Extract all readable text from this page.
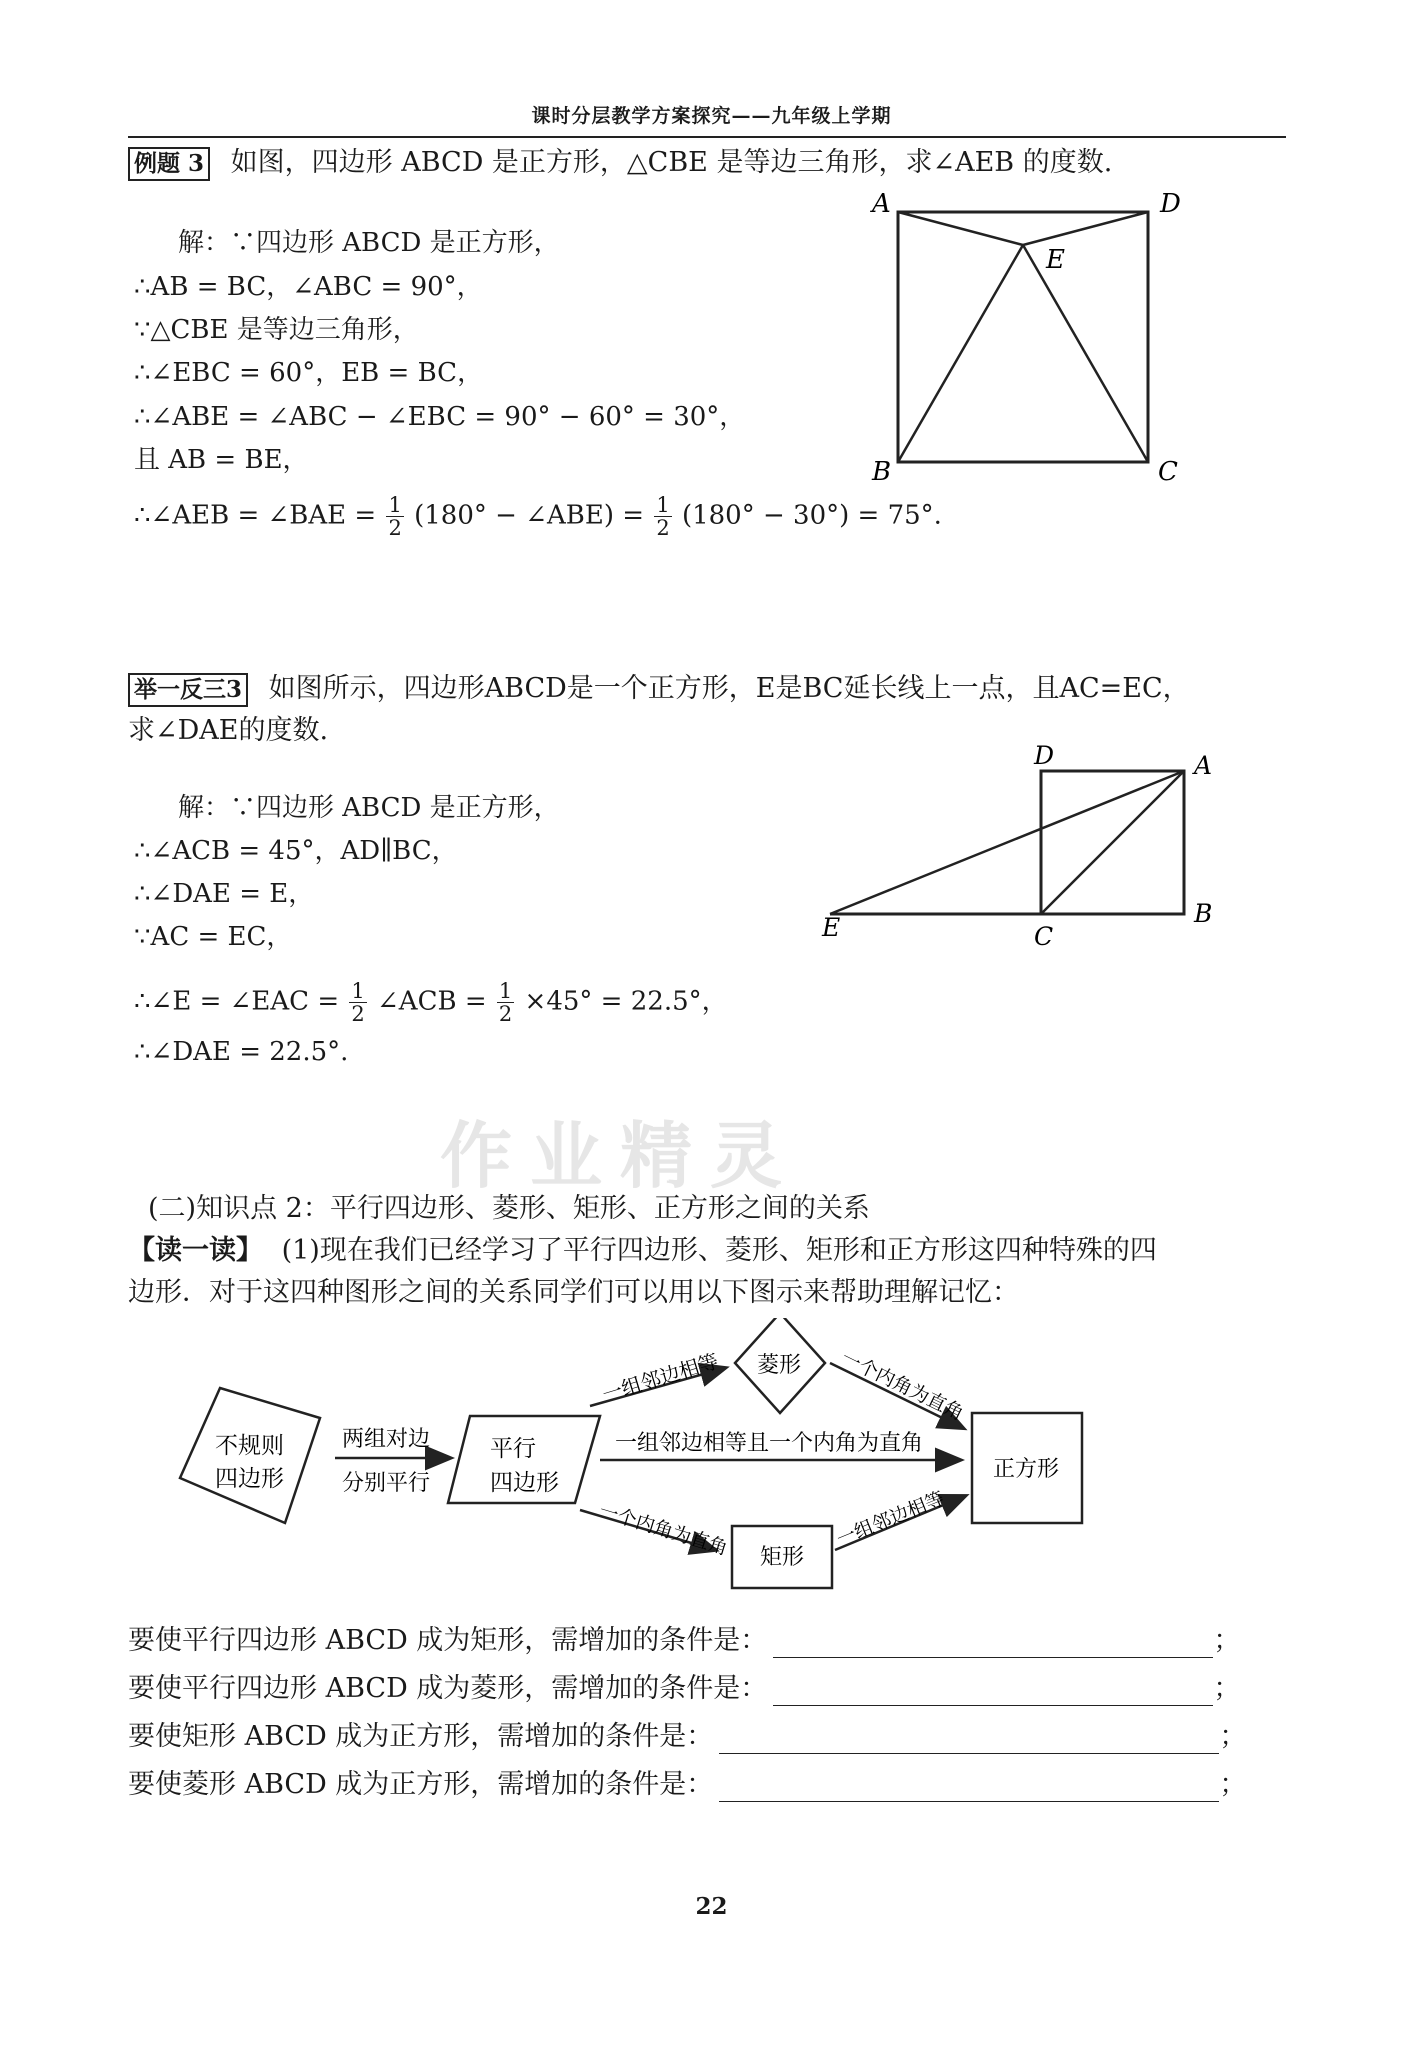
课时分层教学方案探究——九年级上学期
例题 3 如图，四边形 ABCD 是正方形，△CBE 是等边三角形，求∠AEB 的度数.
解：∵四边形 ABCD 是正方形，
∴AB = BC，∠ABC = 90°，
∵△CBE 是等边三角形，
∴∠EBC = 60°，EB = BC，
∴∠ABE = ∠ABC − ∠EBC = 90° − 60° = 30°，
且 AB = BE，
∴∠AEB = ∠BAE = $\frac{1}{2} (180^\circ$ − ∠ABE) = $\frac{1}{2} (180^\circ - 30^\circ) = 75^\circ$.
A	D
E
B	C
举一反三3 如图所示，四边形ABCD是一个正方形，E是BC延长线上一点，且AC=EC，
求∠DAE的度数.
解：∵四边形 ABCD 是正方形，
∴∠ACB = 45°，AD∥BC，
∴∠DAE = E，
∵AC = EC，
∴∠E = ∠EAC = $\frac{1}{2}$ ∠ACB = $\frac{1}{2} \times 45^\circ = 22.5^\circ$，
∴∠DAE = 22.5°.
D	A
E	C
B
作业精灵
(二)知识点 2：平行四边形、菱形、矩形、正方形之间的关系
【读一读】 (1)现在我们已经学习了平行四边形、菱形、矩形和正方形这四种特殊的四
边形．对于这四种图形之间的关系同学们可以用以下图示来帮助理解记忆：
不规则
四边形
两组对边
分别平行
平行
四边形
一组邻边相等 菱形
一组邻边相等且一个内角为直角
一个内角为直角 矩形
一个内角为直角
一组邻边相等
正方形
要使平行四边形 ABCD 成为矩形，需增加的条件是：	；
要使平行四边形 ABCD 成为菱形，需增加的条件是：	；
要使矩形 ABCD 成为正方形，需增加的条件是：	；
要使菱形 ABCD 成为正方形，需增加的条件是：	；
22
